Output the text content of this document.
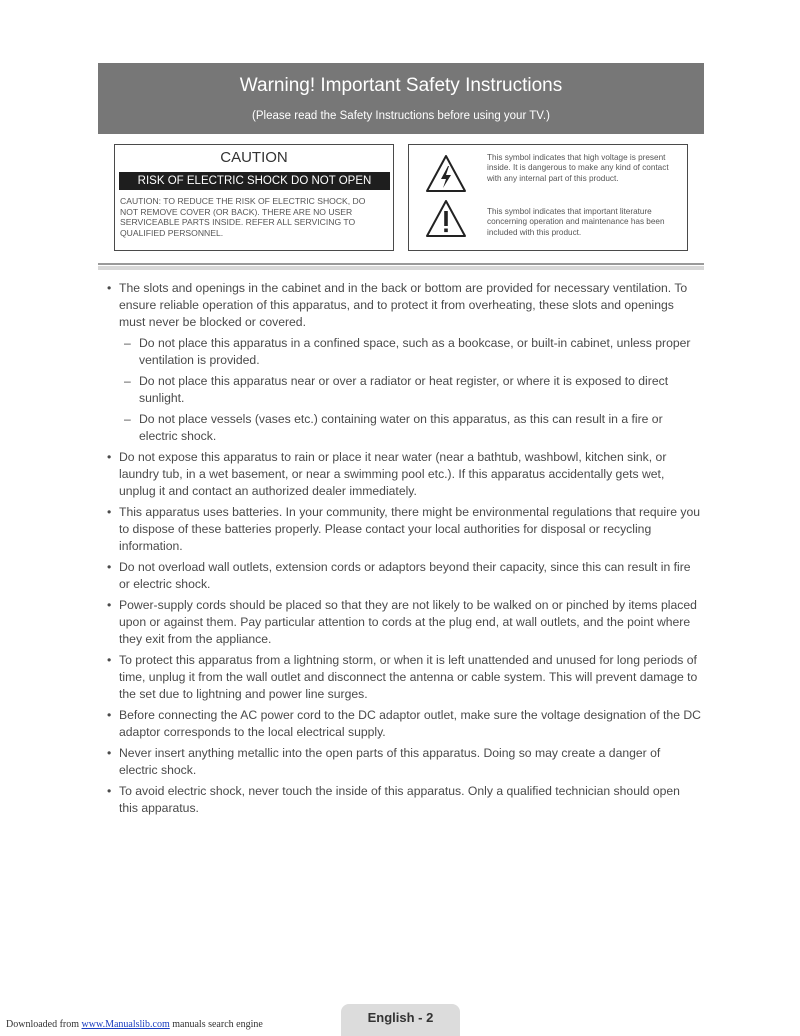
Warning! Important Safety Instructions
(Please read the Safety Instructions before using your TV.)
CAUTION
RISK OF ELECTRIC SHOCK DO NOT OPEN
CAUTION: TO REDUCE THE RISK OF ELECTRIC SHOCK, DO NOT REMOVE COVER (OR BACK). THERE ARE NO USER SERVICEABLE PARTS INSIDE. REFER ALL SERVICING TO QUALIFIED PERSONNEL.
This symbol indicates that high voltage is present inside. It is dangerous to make any kind of contact with any internal part of this product.
This symbol indicates that important literature concerning operation and maintenance has been included with this product.
• The slots and openings in the cabinet and in the back or bottom are provided for necessary ventilation. To ensure reliable operation of this apparatus, and to protect it from overheating, these slots and openings must never be blocked or covered.
– Do not place this apparatus in a confined space, such as a bookcase, or built-in cabinet, unless proper ventilation is provided.
– Do not place this apparatus near or over a radiator or heat register, or where it is exposed to direct sunlight.
– Do not place vessels (vases etc.) containing water on this apparatus, as this can result in a fire or electric shock.
• Do not expose this apparatus to rain or place it near water (near a bathtub, washbowl, kitchen sink, or laundry tub, in a wet basement, or near a swimming pool etc.). If this apparatus accidentally gets wet, unplug it and contact an authorized dealer immediately.
• This apparatus uses batteries. In your community, there might be environmental regulations that require you to dispose of these batteries properly. Please contact your local authorities for disposal or recycling information.
• Do not overload wall outlets, extension cords or adaptors beyond their capacity, since this can result in fire or electric shock.
• Power-supply cords should be placed so that they are not likely to be walked on or pinched by items placed upon or against them. Pay particular attention to cords at the plug end, at wall outlets, and the point where they exit from the appliance.
• To protect this apparatus from a lightning storm, or when it is left unattended and unused for long periods of time, unplug it from the wall outlet and disconnect the antenna or cable system. This will prevent damage to the set due to lightning and power line surges.
• Before connecting the AC power cord to the DC adaptor outlet, make sure the voltage designation of the DC adaptor corresponds to the local electrical supply.
• Never insert anything metallic into the open parts of this apparatus. Doing so may create a danger of electric shock.
• To avoid electric shock, never touch the inside of this apparatus. Only a qualified technician should open this apparatus.
English - 2
Downloaded from www.Manualslib.com manuals search engine
